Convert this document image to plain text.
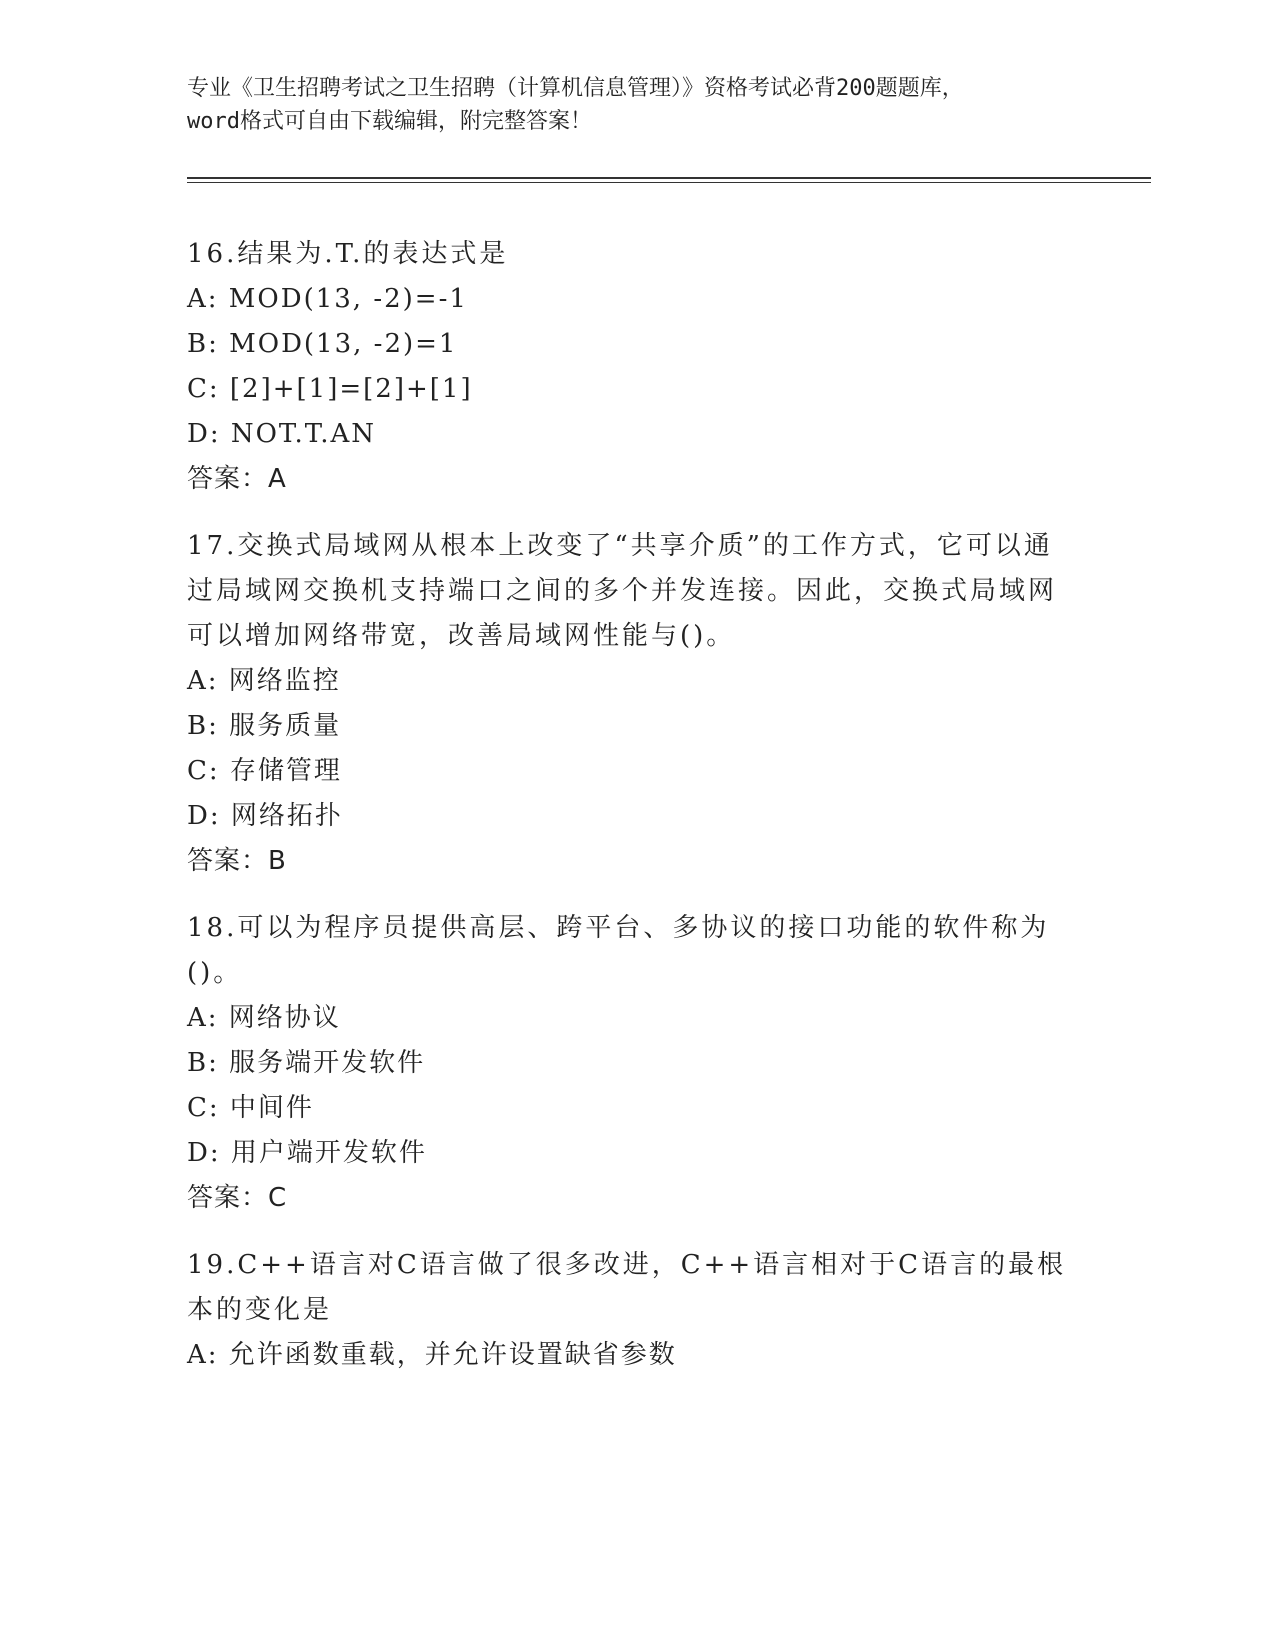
专业《卫生招聘考试之卫生招聘（计算机信息管理）》资格考试必背200题题库，
word格式可自由下载编辑，附完整答案！
16.结果为.T.的表达式是
A: MOD(13, -2)=-1
B: MOD(13, -2)=1
C: [2]+[1]=[2]+[1]
D: NOT.T.AN
答案：A
17.交换式局域网从根本上改变了“共享介质”的工作方式，它可以通过局域网交换机支持端口之间的多个并发连接。因此，交换式局域网可以增加网络带宽，改善局域网性能与()。
A: 网络监控
B: 服务质量
C: 存储管理
D: 网络拓扑
答案：B
18.可以为程序员提供高层、跨平台、多协议的接口功能的软件称为()。
A: 网络协议
B: 服务端开发软件
C: 中间件
D: 用户端开发软件
答案：C
19.C++语言对C语言做了很多改进，C++语言相对于C语言的最根本的变化是
A: 允许函数重载，并允许设置缺省参数
